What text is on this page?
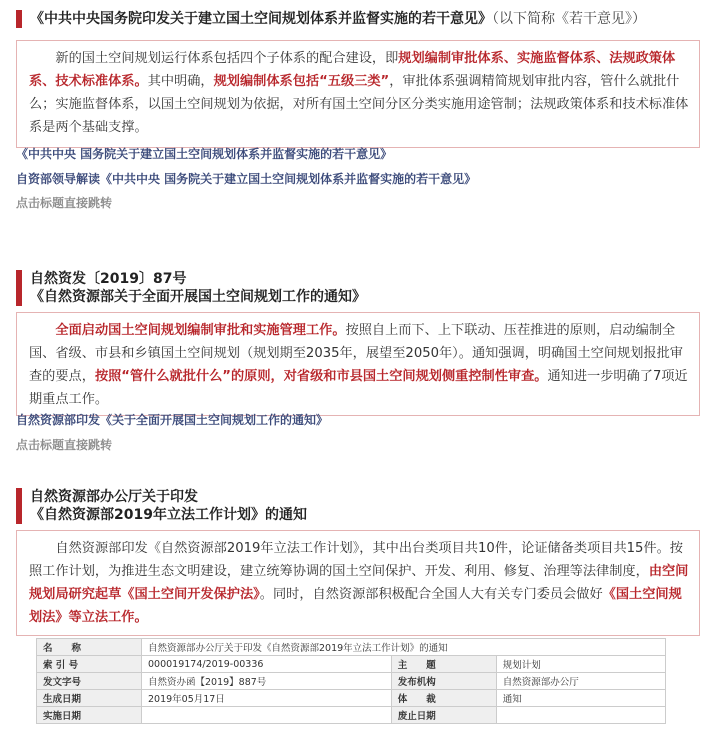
《中共中央国务院印发关于建立国土空间规划体系并监督实施的若干意见》（以下简称《若干意见》）

新的国土空间规划运行体系包括四个子体系的配合建设，即规划编制审批体系、实施监督体系、法规政策体系、技术标准体系。其中明确，规划编制体系包括“五级三类”，审批体系强调精简规划审批内容，管什么就批什么；实施监督体系，以国土空间规划为依据，对所有国土空间分区分类实施用途管制；法规政策体系和技术标准体系是两个基础支撑。

《中共中央 国务院关于建立国土空间规划体系并监督实施的若干意见》
自资部领导解读《中共中央 国务院关于建立国土空间规划体系并监督实施的若干意见》
点击标题直接跳转
自然资发〔2019〕87号
《自然资源部关于全面开展国土空间规划工作的通知》

全面启动国土空间规划编制审批和实施管理工作。按照自上而下、上下联动、压茬推进的原则，启动编制全国、省级、市县和乡镇国土空间规划（规划期至2035年，展望至2050年）。通知强调，明确国土空间规划报批审查的要点，按照“管什么就批什么”的原则，对省级和市县国土空间规划侧重控制性审查。通知进一步明确了7项近期重点工作。

自然资源部印发《关于全面开展国土空间规划工作的通知》
点击标题直接跳转
自然资源部办公厅关于印发
《自然资源部2019年立法工作计划》的通知

自然资源部印发《自然资源部2019年立法工作计划》，其中出台类项目共10件，论证储备类项目共15件。按照工作计划，为推进生态文明建设，建立统筹协调的国土空间保护、开发、利用、修复、治理等法律制度，由空间规划局研究起草《国土空间开发保护法》。同时，自然资源部积极配合全国人大有关专门委员会做好《国土空间规划法》等立法工作。

名　　称	自然资源部办公厅关于印发《自然资源部2019年立法工作计划》的通知		
索 引 号	000019174/2019-00336	主　　题	规划计划
发文字号	自然资办函【2019】887号	发布机构	自然资源部办公厅
生成日期	2019年05月17日	体　　裁	通知
实施日期		废止日期	
